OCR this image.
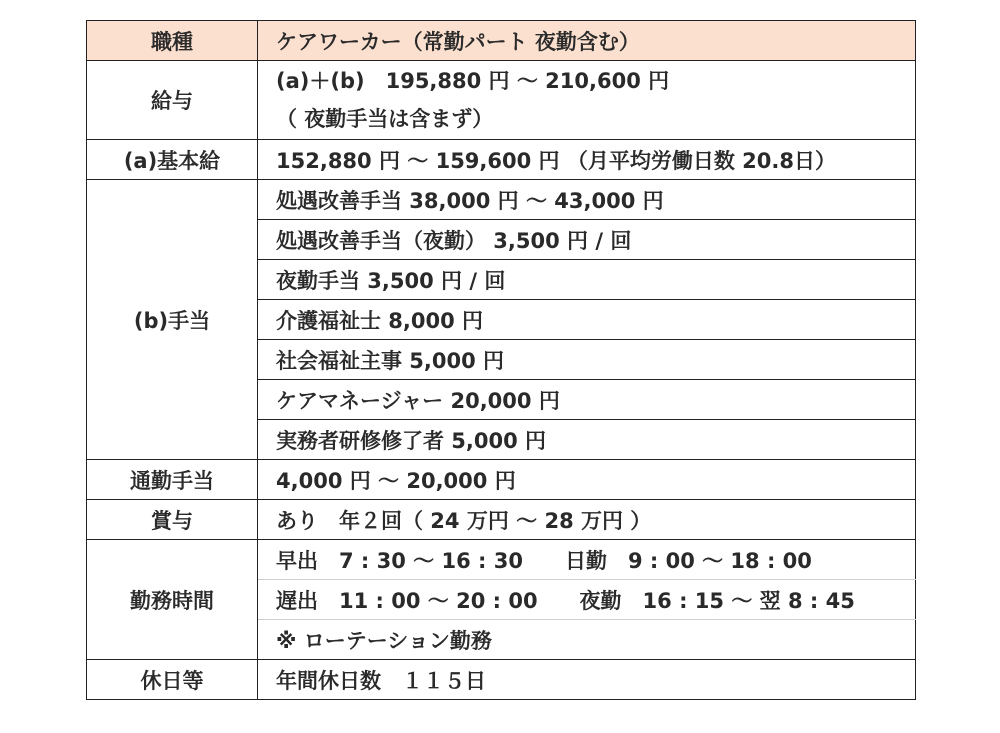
職種	ケアワーカー（常勤パート 夜勤含む）
給与	(a)＋(b)　195,880 円 ～ 210,600 円
（ 夜勤手当は含まず）

(a)基本給	152,880 円 ～ 159,600 円 （月平均労働日数 20.8日）
(b)手当	処遇改善手当 38,000 円 ～ 43,000 円
	処遇改善手当（夜勤） 3,500 円 / 回
	夜勤手当 3,500 円 / 回
	介護福祉士 8,000 円
	社会福祉主事 5,000 円
	ケアマネージャー 20,000 円
	実務者研修修了者 5,000 円
通勤手当	4,000 円 ～ 20,000 円
賞与	あり　年２回（ 24 万円 ～ 28 万円 ）
勤務時間	早出　7 : 30 ～ 16 : 30　　日勤　9 : 00 ～ 18 : 00
	遅出　11 : 00 ～ 20 : 00　　夜勤　16 : 15 ～ 翌 8 : 45
	※ ローテーション勤務
休日等	年間休日数　１１５日
